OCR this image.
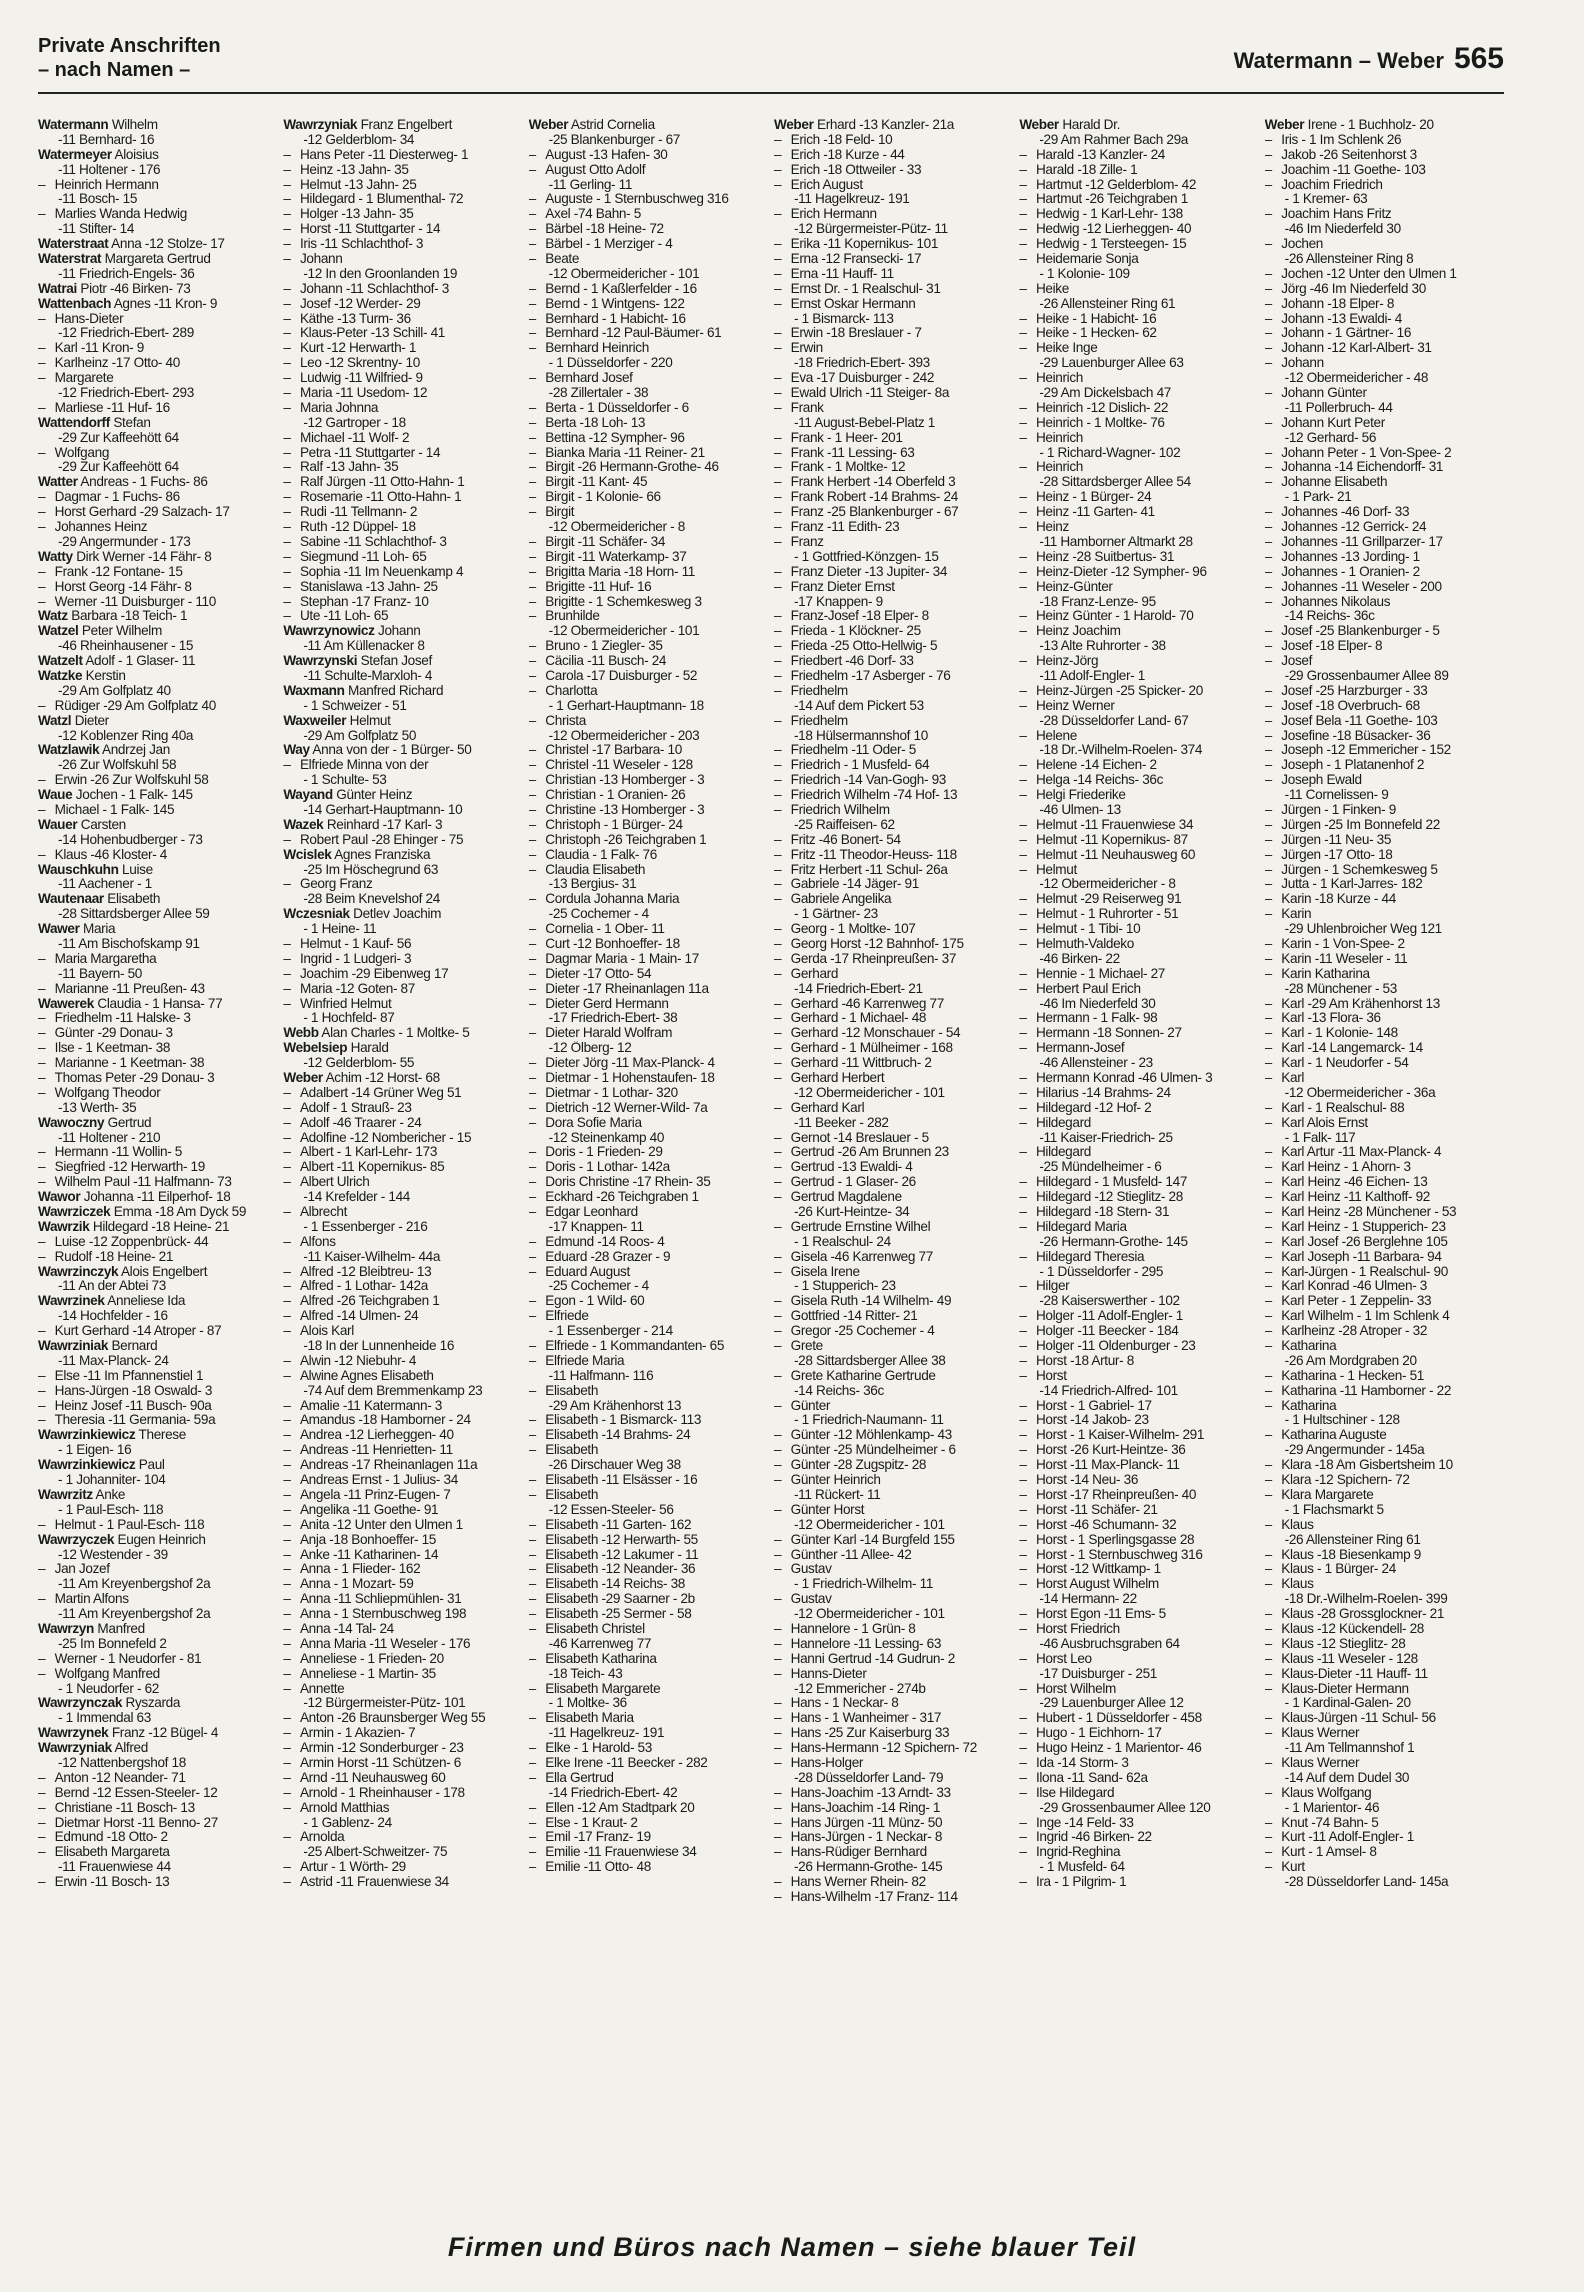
Private Anschriften
– nach Namen –	Watermann – Weber 565
Watermann Wilhelm
-11 Bernhard- 16
Watermeyer Aloisius
-11 Holtener - 176
– Heinrich Hermann
-11 Bosch- 15
– Marlies Wanda Hedwig
-11 Stifter- 14
Waterstraat Anna -12 Stolze- 17
Waterstrat Margareta Gertrud
-11 Friedrich-Engels- 36
Watrai Piotr -46 Birken- 73
Wattenbach Agnes -11 Kron- 9
– Hans-Dieter
-12 Friedrich-Ebert- 289
– Karl -11 Kron- 9
– Karlheinz -17 Otto- 40
– Margarete
-12 Friedrich-Ebert- 293
– Marliese -11 Huf- 16
Wattendorff Stefan
-29 Zur Kaffeehött 64
– Wolfgang
-29 Zur Kaffeehött 64
Watter Andreas - 1 Fuchs- 86
– Dagmar - 1 Fuchs- 86
– Horst Gerhard -29 Salzach- 17
– Johannes Heinz
-29 Angermunder - 173
Watty Dirk Werner -14 Fähr- 8
– Frank -12 Fontane- 15
– Horst Georg -14 Fähr- 8
– Werner -11 Duisburger - 110
Watz Barbara -18 Teich- 1
Watzel Peter Wilhelm
-46 Rheinhausener - 15
Watzelt Adolf - 1 Glaser- 11
Watzke Kerstin
-29 Am Golfplatz 40
– Rüdiger -29 Am Golfplatz 40
Watzl Dieter
-12 Koblenzer Ring 40a
Watzlawik Andrzej Jan
-26 Zur Wolfskuhl 58
– Erwin -26 Zur Wolfskuhl 58
Waue Jochen - 1 Falk- 145
– Michael - 1 Falk- 145
Wauer Carsten
-14 Hohenbudberger - 73
– Klaus -46 Kloster- 4
Wauschkuhn Luise
-11 Aachener - 1
Wautenaar Elisabeth
-28 Sittardsberger Allee 59
Wawer Maria
-11 Am Bischofskamp 91
– Maria Margaretha
-11 Bayern- 50
– Marianne -11 Preußen- 43
Wawerek Claudia - 1 Hansa- 77
– Friedhelm -11 Halske- 3
– Günter -29 Donau- 3
– Ilse - 1 Keetman- 38
– Marianne - 1 Keetman- 38
– Thomas Peter -29 Donau- 3
– Wolfgang Theodor
-13 Werth- 35
Wawoczny Gertrud
-11 Holtener - 210
– Hermann -11 Wollin- 5
– Siegfried -12 Herwarth- 19
– Wilhelm Paul -11 Halfmann- 73
Wawor Johanna -11 Eilperhof- 18
Wawrziczek Emma -18 Am Dyck 59
Wawrzik Hildegard -18 Heine- 21
– Luise -12 Zoppenbrück- 44
– Rudolf -18 Heine- 21
Wawrzinczyk Alois Engelbert
-11 An der Abtei 73
Wawrzinek Anneliese Ida
-14 Hochfelder - 16
– Kurt Gerhard -14 Atroper - 87
Wawrziniak Bernard
-11 Max-Planck- 24
– Else -11 Im Pfannenstiel 1
– Hans-Jürgen -18 Oswald- 3
– Heinz Josef -11 Busch- 90a
– Theresia -11 Germania- 59a
Wawrzinkiewicz Therese
- 1 Eigen- 16
Wawrzinkiewicz Paul
- 1 Johanniter- 104
Wawrzitz Anke
- 1 Paul-Esch- 118
– Helmut - 1 Paul-Esch- 118
Wawrzyczek Eugen Heinrich
-12 Westender - 39
– Jan Jozef
-11 Am Kreyenbergshof 2a
– Martin Alfons
-11 Am Kreyenbergshof 2a
Wawrzyn Manfred
-25 Im Bonnefeld 2
– Werner - 1 Neudorfer - 81
– Wolfgang Manfred
- 1 Neudorfer - 62
Wawrzynczak Ryszarda
- 1 Immendal 63
Wawrzynek Franz -12 Bügel- 4
Wawrzyniak Alfred
-12 Nattenbergshof 18
– Anton -12 Neander- 71
– Bernd -12 Essen-Steeler- 12
– Christiane -11 Bosch- 13
– Dietmar Horst -11 Benno- 27
– Edmund -18 Otto- 2
– Elisabeth Margareta
-11 Frauenwiese 44
– Erwin -11 Bosch- 13
Wawrzyniak Franz Engelbert
-12 Gelderblom- 34
– Hans Peter -11 Diesterweg- 1
– Heinz -13 Jahn- 35
– Helmut -13 Jahn- 25
– Hildegard - 1 Blumenthal- 72
– Holger -13 Jahn- 35
– Horst -11 Stuttgarter - 14
– Iris -11 Schlachthof- 3
– Johann
-12 In den Groonlanden 19
– Johann -11 Schlachthof- 3
– Josef -12 Werder- 29
– Käthe -13 Turm- 36
– Klaus-Peter -13 Schill- 41
– Kurt -12 Herwarth- 1
– Leo -12 Skrentny- 10
– Ludwig -11 Wilfried- 9
– Maria -11 Usedom- 12
– Maria Johnna
-12 Gartroper - 18
– Michael -11 Wolf- 2
– Petra -11 Stuttgarter - 14
– Ralf -13 Jahn- 35
– Ralf Jürgen -11 Otto-Hahn- 1
– Rosemarie -11 Otto-Hahn- 1
– Rudi -11 Tellmann- 2
– Ruth -12 Düppel- 18
– Sabine -11 Schlachthof- 3
– Siegmund -11 Loh- 65
– Sophia -11 Im Neuenkamp 4
– Stanislawa -13 Jahn- 25
– Stephan -17 Franz- 10
– Ute -11 Loh- 65
Wawrzynowicz Johann
-11 Am Küllenacker 8
Wawrzynski Stefan Josef
-11 Schulte-Marxloh- 4
Waxmann Manfred Richard
- 1 Schweizer - 51
Waxweiler Helmut
-29 Am Golfplatz 50
Way Anna von der - 1 Bürger- 50
– Elfriede Minna von der
- 1 Schulte- 53
Wayand Günter Heinz
-14 Gerhart-Hauptmann- 10
Wazek Reinhard -17 Karl- 3
– Robert Paul -28 Ehinger - 75
Wcislek Agnes Franziska
-25 Im Höschegrund 63
– Georg Franz
-28 Beim Knevelshof 24
Wczesniak Detlev Joachim
- 1 Heine- 11
– Helmut - 1 Kauf- 56
– Ingrid - 1 Ludgeri- 3
– Joachim -29 Eibenweg 17
– Maria -12 Goten- 87
– Winfried Helmut
- 1 Hochfeld- 87
Webb Alan Charles - 1 Moltke- 5
Webelsiep Harald
-12 Gelderblom- 55
Weber Achim -12 Horst- 68
– Adalbert -14 Grüner Weg 51
– Adolf - 1 Strauß- 23
– Adolf -46 Traarer - 24
– Adolfine -12 Nombericher - 15
– Albert - 1 Karl-Lehr- 173
– Albert -11 Kopernikus- 85
– Albert Ulrich
-14 Krefelder - 144
– Albrecht
- 1 Essenberger - 216
– Alfons
-11 Kaiser-Wilhelm- 44a
– Alfred -12 Bleibtreu- 13
– Alfred - 1 Lothar- 142a
– Alfred -26 Teichgraben 1
– Alfred -14 Ulmen- 24
– Alois Karl
-18 In der Lunnenheide 16
– Alwin -12 Niebuhr- 4
– Alwine Agnes Elisabeth
-74 Auf dem Bremmenkamp 23
– Amalie -11 Katermann- 3
– Amandus -18 Hamborner - 24
– Andrea -12 Lierheggen- 40
– Andreas -11 Henrietten- 11
– Andreas -17 Rheinanlagen 11a
– Andreas Ernst - 1 Julius- 34
– Angela -11 Prinz-Eugen- 7
– Angelika -11 Goethe- 91
– Anita -12 Unter den Ulmen 1
– Anja -18 Bonhoeffer- 15
– Anke -11 Katharinen- 14
– Anna - 1 Flieder- 162
– Anna - 1 Mozart- 59
– Anna -11 Schliepmühlen- 31
– Anna - 1 Sternbuschweg 198
– Anna -14 Tal- 24
– Anna Maria -11 Weseler - 176
– Anneliese - 1 Frieden- 20
– Anneliese - 1 Martin- 35
– Annette
-12 Bürgermeister-Pütz- 101
– Anton -26 Braunsberger Weg 55
– Armin - 1 Akazien- 7
– Armin -12 Sonderburger - 23
– Armin Horst -11 Schützen- 6
– Arnd -11 Neuhausweg 60
– Arnold - 1 Rheinhauser - 178
– Arnold Matthias
- 1 Gablenz- 24
– Arnolda
-25 Albert-Schweitzer- 75
– Artur - 1 Wörth- 29
– Astrid -11 Frauenwiese 34
Weber Astrid Cornelia
-25 Blankenburger - 67
– August -13 Hafen- 30
– August Otto Adolf
-11 Gerling- 11
– Auguste - 1 Sternbuschweg 316
– Axel -74 Bahn- 5
– Bärbel -18 Heine- 72
– Bärbel - 1 Merziger - 4
– Beate
-12 Obermeidericher - 101
– Bernd - 1 Kaßlerfelder - 16
– Bernd - 1 Wintgens- 122
– Bernhard - 1 Habicht- 16
– Bernhard -12 Paul-Bäumer- 61
– Bernhard Heinrich
- 1 Düsseldorfer - 220
– Bernhard Josef
-28 Zillertaler - 38
– Berta - 1 Düsseldorfer - 6
– Berta -18 Loh- 13
– Bettina -12 Sympher- 96
– Bianka Maria -11 Reiner- 21
– Birgit -26 Hermann-Grothe- 46
– Birgit -11 Kant- 45
– Birgit - 1 Kolonie- 66
– Birgit
-12 Obermeidericher - 8
– Birgit -11 Schäfer- 34
– Birgit -11 Waterkamp- 37
– Brigitta Maria -18 Horn- 11
– Brigitte -11 Huf- 16
– Brigitte - 1 Schemkesweg 3
– Brunhilde
-12 Obermeidericher - 101
– Bruno - 1 Ziegler- 35
– Cäcilia -11 Busch- 24
– Carola -17 Duisburger - 52
– Charlotta
- 1 Gerhart-Hauptmann- 18
– Christa
-12 Obermeidericher - 203
– Christel -17 Barbara- 10
– Christel -11 Weseler - 128
– Christian -13 Homberger - 3
– Christian - 1 Oranien- 26
– Christine -13 Homberger - 3
– Christoph - 1 Bürger- 24
– Christoph -26 Teichgraben 1
– Claudia - 1 Falk- 76
– Claudia Elisabeth
-13 Bergius- 31
– Cordula Johanna Maria
-25 Cochemer - 4
– Cornelia - 1 Ober- 11
– Curt -12 Bonhoeffer- 18
– Dagmar Maria - 1 Main- 17
– Dieter -17 Otto- 54
– Dieter -17 Rheinanlagen 11a
– Dieter Gerd Hermann
-17 Friedrich-Ebert- 38
– Dieter Harald Wolfram
-12 Ölberg- 12
– Dieter Jörg -11 Max-Planck- 4
– Dietmar - 1 Hohenstaufen- 18
– Dietmar - 1 Lothar- 320
– Dietrich -12 Werner-Wild- 7a
– Dora Sofie Maria
-12 Steinenkamp 40
– Doris - 1 Frieden- 29
– Doris - 1 Lothar- 142a
– Doris Christine -17 Rhein- 35
– Eckhard -26 Teichgraben 1
– Edgar Leonhard
-17 Knappen- 11
– Edmund -14 Roos- 4
– Eduard -28 Grazer - 9
– Eduard August
-25 Cochemer - 4
– Egon - 1 Wild- 60
– Elfriede
- 1 Essenberger - 214
– Elfriede - 1 Kommandanten- 65
– Elfriede Maria
-11 Halfmann- 116
– Elisabeth
-29 Am Krähenhorst 13
– Elisabeth - 1 Bismarck- 113
– Elisabeth -14 Brahms- 24
– Elisabeth
-26 Dirschauer Weg 38
– Elisabeth -11 Elsässer - 16
– Elisabeth
-12 Essen-Steeler- 56
– Elisabeth -11 Garten- 162
– Elisabeth -12 Herwarth- 55
– Elisabeth -12 Lakumer - 11
– Elisabeth -12 Neander- 36
– Elisabeth -14 Reichs- 38
– Elisabeth -29 Saarner - 2b
– Elisabeth -25 Sermer - 58
– Elisabeth Christel
-46 Karrenweg 77
– Elisabeth Katharina
-18 Teich- 43
– Elisabeth Margarete
- 1 Moltke- 36
– Elisabeth Maria
-11 Hagelkreuz- 191
– Elke - 1 Harold- 53
– Elke Irene -11 Beecker - 282
– Ella Gertrud
-14 Friedrich-Ebert- 42
– Ellen -12 Am Stadtpark 20
– Else - 1 Kraut- 2
– Emil -17 Franz- 19
– Emilie -11 Frauenwiese 34
– Emilie -11 Otto- 48
Weber Erhard -13 Kanzler- 21a
– Erich -18 Feld- 10
– Erich -18 Kurze - 44
– Erich -18 Ottweiler - 33
– Erich August
-11 Hagelkreuz- 191
– Erich Hermann
-12 Bürgermeister-Pütz- 11
– Erika -11 Kopernikus- 101
– Erna -12 Fransecki- 17
– Erna -11 Hauff- 11
– Ernst Dr. - 1 Realschul- 31
– Ernst Oskar Hermann
- 1 Bismarck- 113
– Erwin -18 Breslauer - 7
– Erwin
-18 Friedrich-Ebert- 393
– Eva -17 Duisburger - 242
– Ewald Ulrich -11 Steiger- 8a
– Frank
-11 August-Bebel-Platz 1
– Frank - 1 Heer- 201
– Frank -11 Lessing- 63
– Frank - 1 Moltke- 12
– Frank Herbert -14 Oberfeld 3
– Frank Robert -14 Brahms- 24
– Franz -25 Blankenburger - 67
– Franz -11 Edith- 23
– Franz
- 1 Gottfried-Könzgen- 15
– Franz Dieter -13 Jupiter- 34
– Franz Dieter Ernst
-17 Knappen- 9
– Franz-Josef -18 Elper- 8
– Frieda - 1 Klöckner- 25
– Frieda -25 Otto-Hellwig- 5
– Friedbert -46 Dorf- 33
– Friedhelm -17 Asberger - 76
– Friedhelm
-14 Auf dem Pickert 53
– Friedhelm
-18 Hülsermannshof 10
– Friedhelm -11 Oder- 5
– Friedrich - 1 Musfeld- 64
– Friedrich -14 Van-Gogh- 93
– Friedrich Wilhelm -74 Hof- 13
– Friedrich Wilhelm
-25 Raiffeisen- 62
– Fritz -46 Bonert- 54
– Fritz -11 Theodor-Heuss- 118
– Fritz Herbert -11 Schul- 26a
– Gabriele -14 Jäger- 91
– Gabriele Angelika
- 1 Gärtner- 23
– Georg - 1 Moltke- 107
– Georg Horst -12 Bahnhof- 175
– Gerda -17 Rheinpreußen- 37
– Gerhard
-14 Friedrich-Ebert- 21
– Gerhard -46 Karrenweg 77
– Gerhard - 1 Michael- 48
– Gerhard -12 Monschauer - 54
– Gerhard - 1 Mülheimer - 168
– Gerhard -11 Wittbruch- 2
– Gerhard Herbert
-12 Obermeidericher - 101
– Gerhard Karl
-11 Beeker - 282
– Gernot -14 Breslauer - 5
– Gertrud -26 Am Brunnen 23
– Gertrud -13 Ewaldi- 4
– Gertrud - 1 Glaser- 26
– Gertrud Magdalene
-26 Kurt-Heintze- 34
– Gertrude Ernstine Wilhel
- 1 Realschul- 24
– Gisela -46 Karrenweg 77
– Gisela Irene
- 1 Stupperich- 23
– Gisela Ruth -14 Wilhelm- 49
– Gottfried -14 Ritter- 21
– Gregor -25 Cochemer - 4
– Grete
-28 Sittardsberger Allee 38
– Grete Katharine Gertrude
-14 Reichs- 36c
– Günter
- 1 Friedrich-Naumann- 11
– Günter -12 Möhlenkamp- 43
– Günter -25 Mündelheimer - 6
– Günter -28 Zugspitz- 28
– Günter Heinrich
-11 Rückert- 11
– Günter Horst
-12 Obermeidericher - 101
– Günter Karl -14 Burgfeld 155
– Günther -11 Allee- 42
– Gustav
- 1 Friedrich-Wilhelm- 11
– Gustav
-12 Obermeidericher - 101
– Hannelore - 1 Grün- 8
– Hannelore -11 Lessing- 63
– Hanni Gertrud -14 Gudrun- 2
– Hanns-Dieter
-12 Emmericher - 274b
– Hans - 1 Neckar- 8
– Hans - 1 Wanheimer - 317
– Hans -25 Zur Kaiserburg 33
– Hans-Hermann -12 Spichern- 72
– Hans-Holger
-28 Düsseldorfer Land- 79
– Hans-Joachim -13 Arndt- 33
– Hans-Joachim -14 Ring- 1
– Hans Jürgen -11 Münz- 50
– Hans-Jürgen - 1 Neckar- 8
– Hans-Rüdiger Bernhard
-26 Hermann-Grothe- 145
– Hans Werner Rhein- 82
– Hans-Wilhelm -17 Franz- 114
Weber Harald Dr.
-29 Am Rahmer Bach 29a
– Harald -13 Kanzler- 24
– Harald -18 Zille- 1
– Hartmut -12 Gelderblom- 42
– Hartmut -26 Teichgraben 1
– Hedwig - 1 Karl-Lehr- 138
– Hedwig -12 Lierheggen- 40
– Hedwig - 1 Tersteegen- 15
– Heidemarie Sonja
- 1 Kolonie- 109
– Heike
-26 Allensteiner Ring 61
– Heike - 1 Habicht- 16
– Heike - 1 Hecken- 62
– Heike Inge
-29 Lauenburger Allee 63
– Heinrich
-29 Am Dickelsbach 47
– Heinrich -12 Dislich- 22
– Heinrich - 1 Moltke- 76
– Heinrich
- 1 Richard-Wagner- 102
– Heinrich
-28 Sittardsberger Allee 54
– Heinz - 1 Bürger- 24
– Heinz -11 Garten- 41
– Heinz
-11 Hamborner Altmarkt 28
– Heinz -28 Suitbertus- 31
– Heinz-Dieter -12 Sympher- 96
– Heinz-Günter
-18 Franz-Lenze- 95
– Heinz Günter - 1 Harold- 70
– Heinz Joachim
-13 Alte Ruhrorter - 38
– Heinz-Jörg
-11 Adolf-Engler- 1
– Heinz-Jürgen -25 Spicker- 20
– Heinz Werner
-28 Düsseldorfer Land- 67
– Helene
-18 Dr.-Wilhelm-Roelen- 374
– Helene -14 Eichen- 2
– Helga -14 Reichs- 36c
– Helgi Friederike
-46 Ulmen- 13
– Helmut -11 Frauenwiese 34
– Helmut -11 Kopernikus- 87
– Helmut -11 Neuhausweg 60
– Helmut
-12 Obermeidericher - 8
– Helmut -29 Reiserweg 91
– Helmut - 1 Ruhrorter - 51
– Helmut - 1 Tibi- 10
– Helmuth-Valdeko
-46 Birken- 22
– Hennie - 1 Michael- 27
– Herbert Paul Erich
-46 Im Niederfeld 30
– Hermann - 1 Falk- 98
– Hermann -18 Sonnen- 27
– Hermann-Josef
-46 Allensteiner - 23
– Hermann Konrad -46 Ulmen- 3
– Hilarius -14 Brahms- 24
– Hildegard -12 Hof- 2
– Hildegard
-11 Kaiser-Friedrich- 25
– Hildegard
-25 Mündelheimer - 6
– Hildegard - 1 Musfeld- 147
– Hildegard -12 Stieglitz- 28
– Hildegard -18 Stern- 31
– Hildegard Maria
-26 Hermann-Grothe- 145
– Hildegard Theresia
- 1 Düsseldorfer - 295
– Hilger
-28 Kaiserswerther - 102
– Holger -11 Adolf-Engler- 1
– Holger -11 Beecker - 184
– Holger -11 Oldenburger - 23
– Horst -18 Artur- 8
– Horst
-14 Friedrich-Alfred- 101
– Horst - 1 Gabriel- 17
– Horst -14 Jakob- 23
– Horst - 1 Kaiser-Wilhelm- 291
– Horst -26 Kurt-Heintze- 36
– Horst -11 Max-Planck- 11
– Horst -14 Neu- 36
– Horst -17 Rheinpreußen- 40
– Horst -11 Schäfer- 21
– Horst -46 Schumann- 32
– Horst - 1 Sperlingsgasse 28
– Horst - 1 Sternbuschweg 316
– Horst -12 Wittkamp- 1
– Horst August Wilhelm
-14 Hermann- 22
– Horst Egon -11 Ems- 5
– Horst Friedrich
-46 Ausbruchsgraben 64
– Horst Leo
-17 Duisburger - 251
– Horst Wilhelm
-29 Lauenburger Allee 12
– Hubert - 1 Düsseldorfer - 458
– Hugo - 1 Eichhorn- 17
– Hugo Heinz - 1 Marientor- 46
– Ida -14 Storm- 3
– Ilona -11 Sand- 62a
– Ilse Hildegard
-29 Grossenbaumer Allee 120
– Inge -14 Feld- 33
– Ingrid -46 Birken- 22
– Ingrid-Reghina
- 1 Musfeld- 64
– Ira - 1 Pilgrim- 1
Weber Irene - 1 Buchholz- 20
– Iris - 1 Im Schlenk 26
– Jakob -26 Seitenhorst 3
– Joachim -11 Goethe- 103
– Joachim Friedrich
- 1 Kremer- 63
– Joachim Hans Fritz
-46 Im Niederfeld 30
– Jochen
-26 Allensteiner Ring 8
– Jochen -12 Unter den Ulmen 1
– Jörg -46 Im Niederfeld 30
– Johann -18 Elper- 8
– Johann -13 Ewaldi- 4
– Johann - 1 Gärtner- 16
– Johann -12 Karl-Albert- 31
– Johann
-12 Obermeidericher - 48
– Johann Günter
-11 Pollerbruch- 44
– Johann Kurt Peter
-12 Gerhard- 56
– Johann Peter - 1 Von-Spee- 2
– Johanna -14 Eichendorff- 31
– Johanne Elisabeth
- 1 Park- 21
– Johannes -46 Dorf- 33
– Johannes -12 Gerrick- 24
– Johannes -11 Grillparzer- 17
– Johannes -13 Jording- 1
– Johannes - 1 Oranien- 2
– Johannes -11 Weseler - 200
– Johannes Nikolaus
-14 Reichs- 36c
– Josef -25 Blankenburger - 5
– Josef -18 Elper- 8
– Josef
-29 Grossenbaumer Allee 89
– Josef -25 Harzburger - 33
– Josef -18 Overbruch- 68
– Josef Bela -11 Goethe- 103
– Josefine -18 Büsacker- 36
– Joseph -12 Emmericher - 152
– Joseph - 1 Platanenhof 2
– Joseph Ewald
-11 Cornelissen- 9
– Jürgen - 1 Finken- 9
– Jürgen -25 Im Bonnefeld 22
– Jürgen -11 Neu- 35
– Jürgen -17 Otto- 18
– Jürgen - 1 Schemkesweg 5
– Jutta - 1 Karl-Jarres- 182
– Karin -18 Kurze - 44
– Karin
-29 Uhlenbroicher Weg 121
– Karin - 1 Von-Spee- 2
– Karin -11 Weseler - 11
– Karin Katharina
-28 Münchener - 53
– Karl -29 Am Krähenhorst 13
– Karl -13 Flora- 36
– Karl - 1 Kolonie- 148
– Karl -14 Langemarck- 14
– Karl - 1 Neudorfer - 54
– Karl
-12 Obermeidericher - 36a
– Karl - 1 Realschul- 88
– Karl Alois Ernst
- 1 Falk- 117
– Karl Artur -11 Max-Planck- 4
– Karl Heinz - 1 Ahorn- 3
– Karl Heinz -46 Eichen- 13
– Karl Heinz -11 Kalthoff- 92
– Karl Heinz -28 Münchener - 53
– Karl Heinz - 1 Stupperich- 23
– Karl Josef -26 Berglehne 105
– Karl Joseph -11 Barbara- 94
– Karl-Jürgen - 1 Realschul- 90
– Karl Konrad -46 Ulmen- 3
– Karl Peter - 1 Zeppelin- 33
– Karl Wilhelm - 1 Im Schlenk 4
– Karlheinz -28 Atroper - 32
– Katharina
-26 Am Mordgraben 20
– Katharina - 1 Hecken- 51
– Katharina -11 Hamborner - 22
– Katharina
- 1 Hultschiner - 128
– Katharina Auguste
-29 Angermunder - 145a
– Klara -18 Am Gisbertsheim 10
– Klara -12 Spichern- 72
– Klara Margarete
- 1 Flachsmarkt 5
– Klaus
-26 Allensteiner Ring 61
– Klaus -18 Biesenkamp 9
– Klaus - 1 Bürger- 24
– Klaus
-18 Dr.-Wilhelm-Roelen- 399
– Klaus -28 Grossglockner- 21
– Klaus -12 Kückendell- 28
– Klaus -12 Stieglitz- 28
– Klaus -11 Weseler - 128
– Klaus-Dieter -11 Hauff- 11
– Klaus-Dieter Hermann
- 1 Kardinal-Galen- 20
– Klaus-Jürgen -11 Schul- 56
– Klaus Werner
-11 Am Tellmannshof 1
– Klaus Werner
-14 Auf dem Dudel 30
– Klaus Wolfgang
- 1 Marientor- 46
– Knut -74 Bahn- 5
– Kurt -11 Adolf-Engler- 1
– Kurt - 1 Amsel- 8
– Kurt
-28 Düsseldorfer Land- 145a
Firmen und Büros nach Namen – siehe blauer Teil
